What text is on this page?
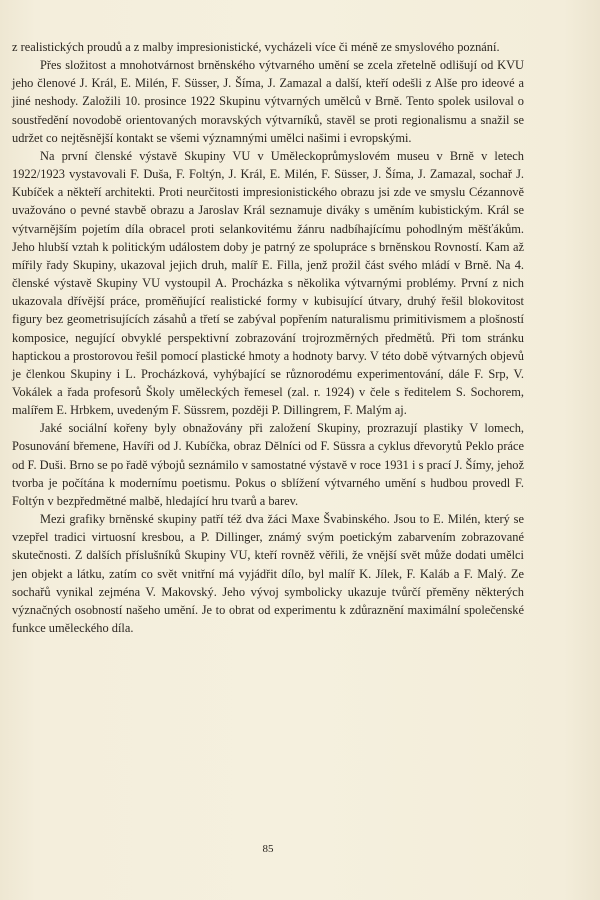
z realistických proudů a z malby impresionistické, vycházeli více či méně ze smyslového poznání.

Přes složitost a mnohotvárnost brněnského výtvarného umění se zcela zřetelně odlišují od KVU jeho členové J. Král, E. Milén, F. Süsser, J. Šíma, J. Zamazal a další, kteří odešli z Alše pro ideové a jiné neshody. Založili 10. prosince 1922 Skupinu výtvarných umělců v Brně. Tento spolek usiloval o soustředění novodobě orientovaných moravských výtvarníků, stavěl se proti regionalismu a snažil se udržet co nejtěsnější kontakt se všemi významnými umělci našimi i evropskými.

Na první členské výstavě Skupiny VU v Uměleckoprůmyslovém museu v Brně v letech 1922/1923 vystavovali F. Duša, F. Foltýn, J. Král, E. Milén, F. Süsser, J. Šíma, J. Zamazal, sochař J. Kubíček a někteří architekti. Proti neurčitosti impresionistického obrazu jsi zde ve smyslu Cézannově uvažováno o pevné stavbě obrazu a Jaroslav Král seznamuje diváky s uměním kubistickým. Král se výtvarnějším pojetím díla obracel proti selankovitému žánru nadbíhajícímu pohodlným měšťákům. Jeho hlubší vztah k politickým událostem doby je patrný ze spolupráce s brněnskou Rovností. Kam až mířily řady Skupiny, ukazoval jejich druh, malíř E. Filla, jenž prožil část svého mládí v Brně. Na 4. členské výstavě Skupiny VU vystoupil A. Procházka s několika výtvarnými problémy. První z nich ukazovala dřívější práce, proměňující realistické formy v kubisující útvary, druhý řešil blokovitost figury bez geometrisujících zásahů a třetí se zabýval popřením naturalismu primitivismem a plošností komposice, negující obvyklé perspektivní zobrazování trojrozměrných předmětů. Při tom stránku haptickou a prostorovou řešil pomocí plastické hmoty a hodnoty barvy. V této době výtvarných objevů je členkou Skupiny i L. Procházková, vyhýbající se různorodému experimentování, dále F. Srp, V. Vokálek a řada profesorů Školy uměleckých řemesel (zal. r. 1924) v čele s ředitelem S. Sochorem, malířem E. Hrbkem, uvedeným F. Süssrem, později P. Dillingrem, F. Malým aj.

Jaké sociální kořeny byly obnažovány při založení Skupiny, prozrazují plastiky V lomech, Posunování břemene, Havíři od J. Kubíčka, obraz Dělníci od F. Süssra a cyklus dřevorytů Peklo práce od F. Duši. Brno se po řadě výbojů seznámilo v samostatné výstavě v roce 1931 i s prací J. Šímy, jehož tvorba je počítána k modernímu poetismu. Pokus o sblížení výtvarného umění s hudbou provedl F. Foltýn v bezpředmětné malbě, hledající hru tvarů a barev.

Mezi grafiky brněnské skupiny patří též dva žáci Maxe Švabinského. Jsou to E. Milén, který se vzepřel tradici virtuosní kresbou, a P. Dillinger, známý svým poetickým zabarvením zobrazované skutečnosti. Z dalších příslušníků Skupiny VU, kteří rovněž věřili, že vnější svět může dodati umělci jen objekt a látku, zatím co svět vnitřní má vyjádřit dílo, byl malíř K. Jílek, F. Kaláb a F. Malý. Ze sochařů vynikal zejména V. Makovský. Jeho vývoj symbolicky ukazuje tvůrčí přeměny některých význačných osobností našeho umění. Je to obrat od experimentu k zdůraznění maximální společenské funkce uměleckého díla.

85
